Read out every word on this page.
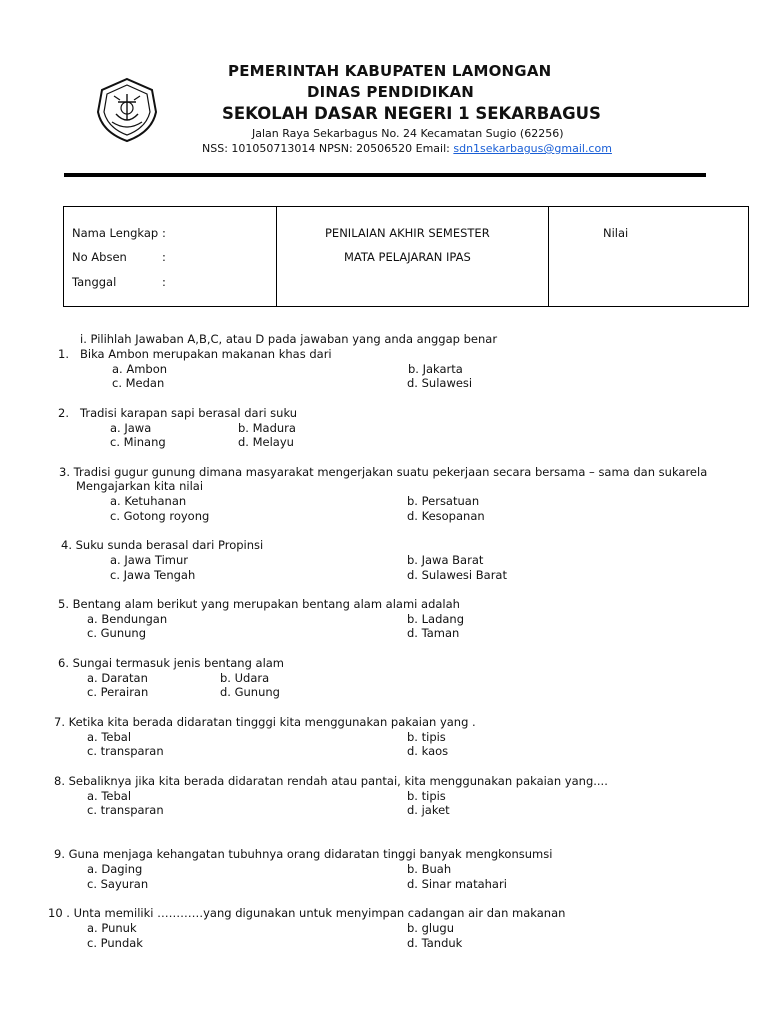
PEMERINTAH KABUPATEN LAMONGAN
DINAS PENDIDIKAN
SEKOLAH DASAR NEGERI 1 SEKARBAGUS
Jalan Raya Sekarbagus No. 24 Kecamatan Sugio (62256)
NSS: 101050713014 NPSN: 20506520 Email: sdn1sekarbagus@gmail.com
Nama Lengkap :
No Absen	:
Tanggal	:
PENILAIAN AKHIR SEMESTER
MATA PELAJARAN IPAS
Nilai
i. Pilihlah Jawaban A,B,C, atau D pada jawaban yang anda anggap benar
1. Bika Ambon merupakan makanan khas dari
a. Ambon	b. Jakarta
c. Medan	d. Sulawesi
2. Tradisi karapan sapi berasal dari suku
a. Jawa	b. Madura
c. Minang	d. Melayu
3. Tradisi gugur gunung dimana masyarakat mengerjakan suatu pekerjaan secara bersama – sama dan sukarela
Mengajarkan kita nilai
a. Ketuhanan	b. Persatuan
c. Gotong royong	d. Kesopanan
4. Suku sunda berasal dari Propinsi
a. Jawa Timur	b. Jawa Barat
c. Jawa Tengah	d. Sulawesi Barat
5. Bentang alam berikut yang merupakan bentang alam alami adalah
a. Bendungan	b. Ladang
c. Gunung	d. Taman
6. Sungai termasuk jenis bentang alam
a. Daratan	b. Udara
c. Perairan	d. Gunung
7. Ketika kita berada didaratan tingggi kita menggunakan pakaian yang .
a. Tebal	b. tipis
c. transparan	d. kaos
8. Sebaliknya jika kita berada didaratan rendah atau pantai, kita menggunakan pakaian yang....
a. Tebal	b. tipis
c. transparan	d. jaket
9. Guna menjaga kehangatan tubuhnya orang didaratan tinggi banyak mengkonsumsi
a. Daging	b. Buah
c. Sayuran	d. Sinar matahari
10 . Unta memiliki …………yang digunakan untuk menyimpan cadangan air dan makanan
a. Punuk	b. glugu
c. Pundak	d. Tanduk
